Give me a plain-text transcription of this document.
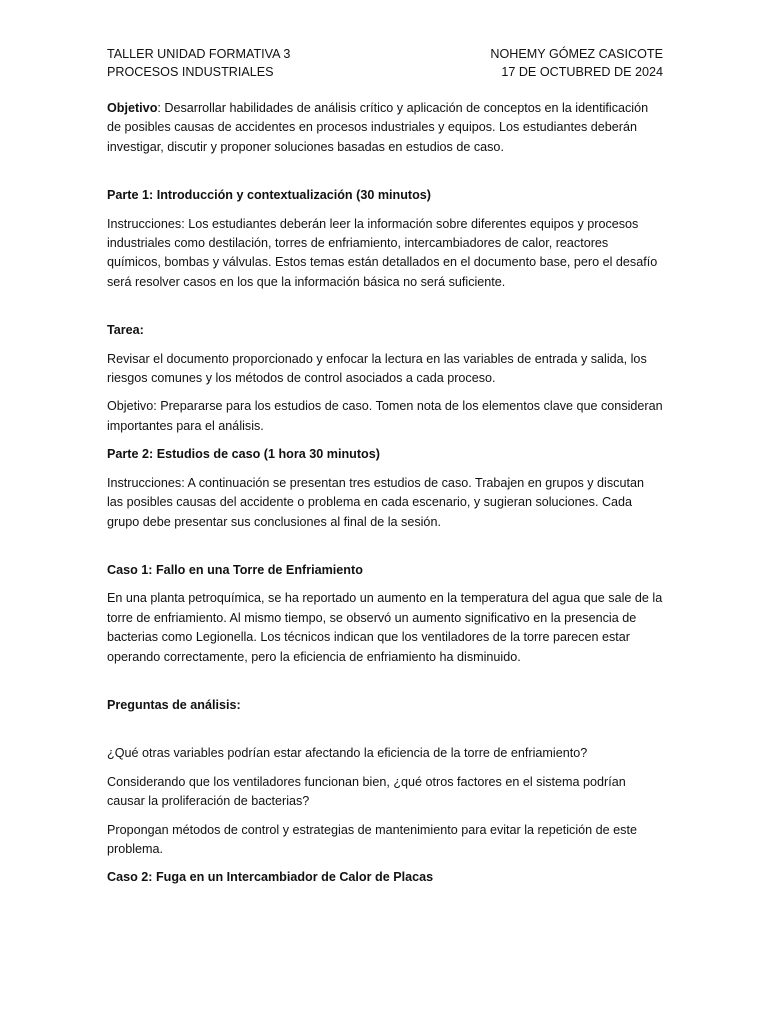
TALLER UNIDAD FORMATIVA 3
PROCESOS INDUSTRIALES
NOHEMY GÓMEZ CASICOTE
17 DE OCTUBRED DE 2024

Objetivo: Desarrollar habilidades de análisis crítico y aplicación de conceptos en la identificación de posibles causas de accidentes en procesos industriales y equipos. Los estudiantes deberán investigar, discutir y proponer soluciones basadas en estudios de caso.

Parte 1: Introducción y contextualización (30 minutos)

Instrucciones: Los estudiantes deberán leer la información sobre diferentes equipos y procesos industriales como destilación, torres de enfriamiento, intercambiadores de calor, reactores químicos, bombas y válvulas. Estos temas están detallados en el documento base, pero el desafío será resolver casos en los que la información básica no será suficiente.

Tarea:

Revisar el documento proporcionado y enfocar la lectura en las variables de entrada y salida, los riesgos comunes y los métodos de control asociados a cada proceso.

Objetivo: Prepararse para los estudios de caso. Tomen nota de los elementos clave que consideran importantes para el análisis.

Parte 2: Estudios de caso (1 hora 30 minutos)

Instrucciones: A continuación se presentan tres estudios de caso. Trabajen en grupos y discutan las posibles causas del accidente o problema en cada escenario, y sugieran soluciones. Cada grupo debe presentar sus conclusiones al final de la sesión.

Caso 1: Fallo en una Torre de Enfriamiento

En una planta petroquímica, se ha reportado un aumento en la temperatura del agua que sale de la torre de enfriamiento. Al mismo tiempo, se observó un aumento significativo en la presencia de bacterias como Legionella. Los técnicos indican que los ventiladores de la torre parecen estar operando correctamente, pero la eficiencia de enfriamiento ha disminuido.

Preguntas de análisis:

¿Qué otras variables podrían estar afectando la eficiencia de la torre de enfriamiento?

Considerando que los ventiladores funcionan bien, ¿qué otros factores en el sistema podrían causar la proliferación de bacterias?

Propongan métodos de control y estrategias de mantenimiento para evitar la repetición de este problema.

Caso 2: Fuga en un Intercambiador de Calor de Placas
